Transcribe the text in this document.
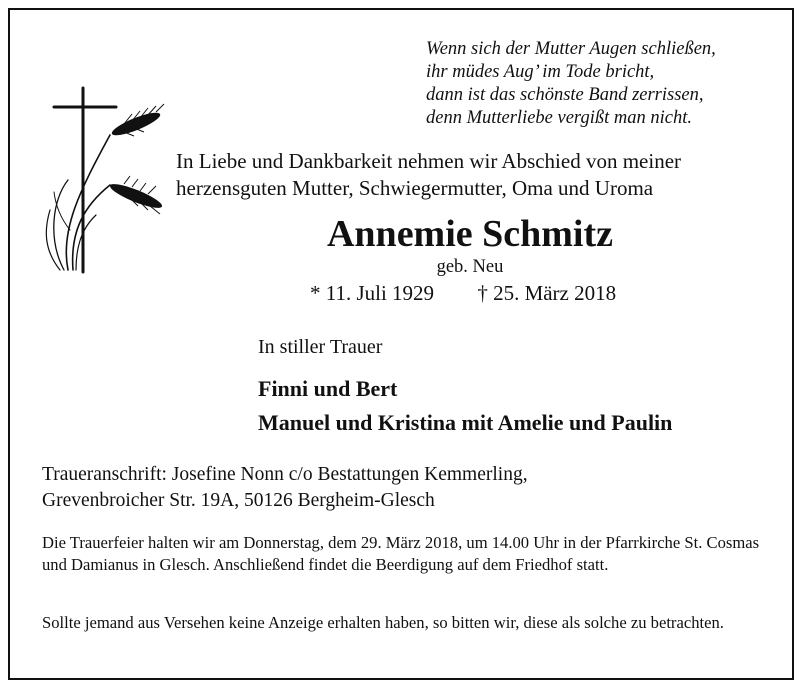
Wenn sich der Mutter Augen schließen,
ihr müdes Aug’ im Tode bricht,
dann ist das schönste Band zerrissen,
denn Mutterliebe vergißt man nicht.
In Liebe und Dankbarkeit nehmen wir Abschied von meiner
herzensguten Mutter, Schwiegermutter, Oma und Uroma
Annemie Schmitz
geb. Neu
* 11. Juli 1929 † 25. März 2018
In stiller Trauer
Finni und Bert
Manuel und Kristina mit Amelie und Paulin
Traueranschrift: Josefine Nonn c/o Bestattungen Kemmerling,
Grevenbroicher Str. 19A, 50126 Bergheim-Glesch
Die Trauerfeier halten wir am Donnerstag, dem 29. März 2018, um 14.00 Uhr in der Pfarrkirche St. Cosmas und Damianus in Glesch. Anschließend findet die Beerdigung auf dem Friedhof statt.
Sollte jemand aus Versehen keine Anzeige erhalten haben, so bitten wir, diese als solche zu betrachten.
